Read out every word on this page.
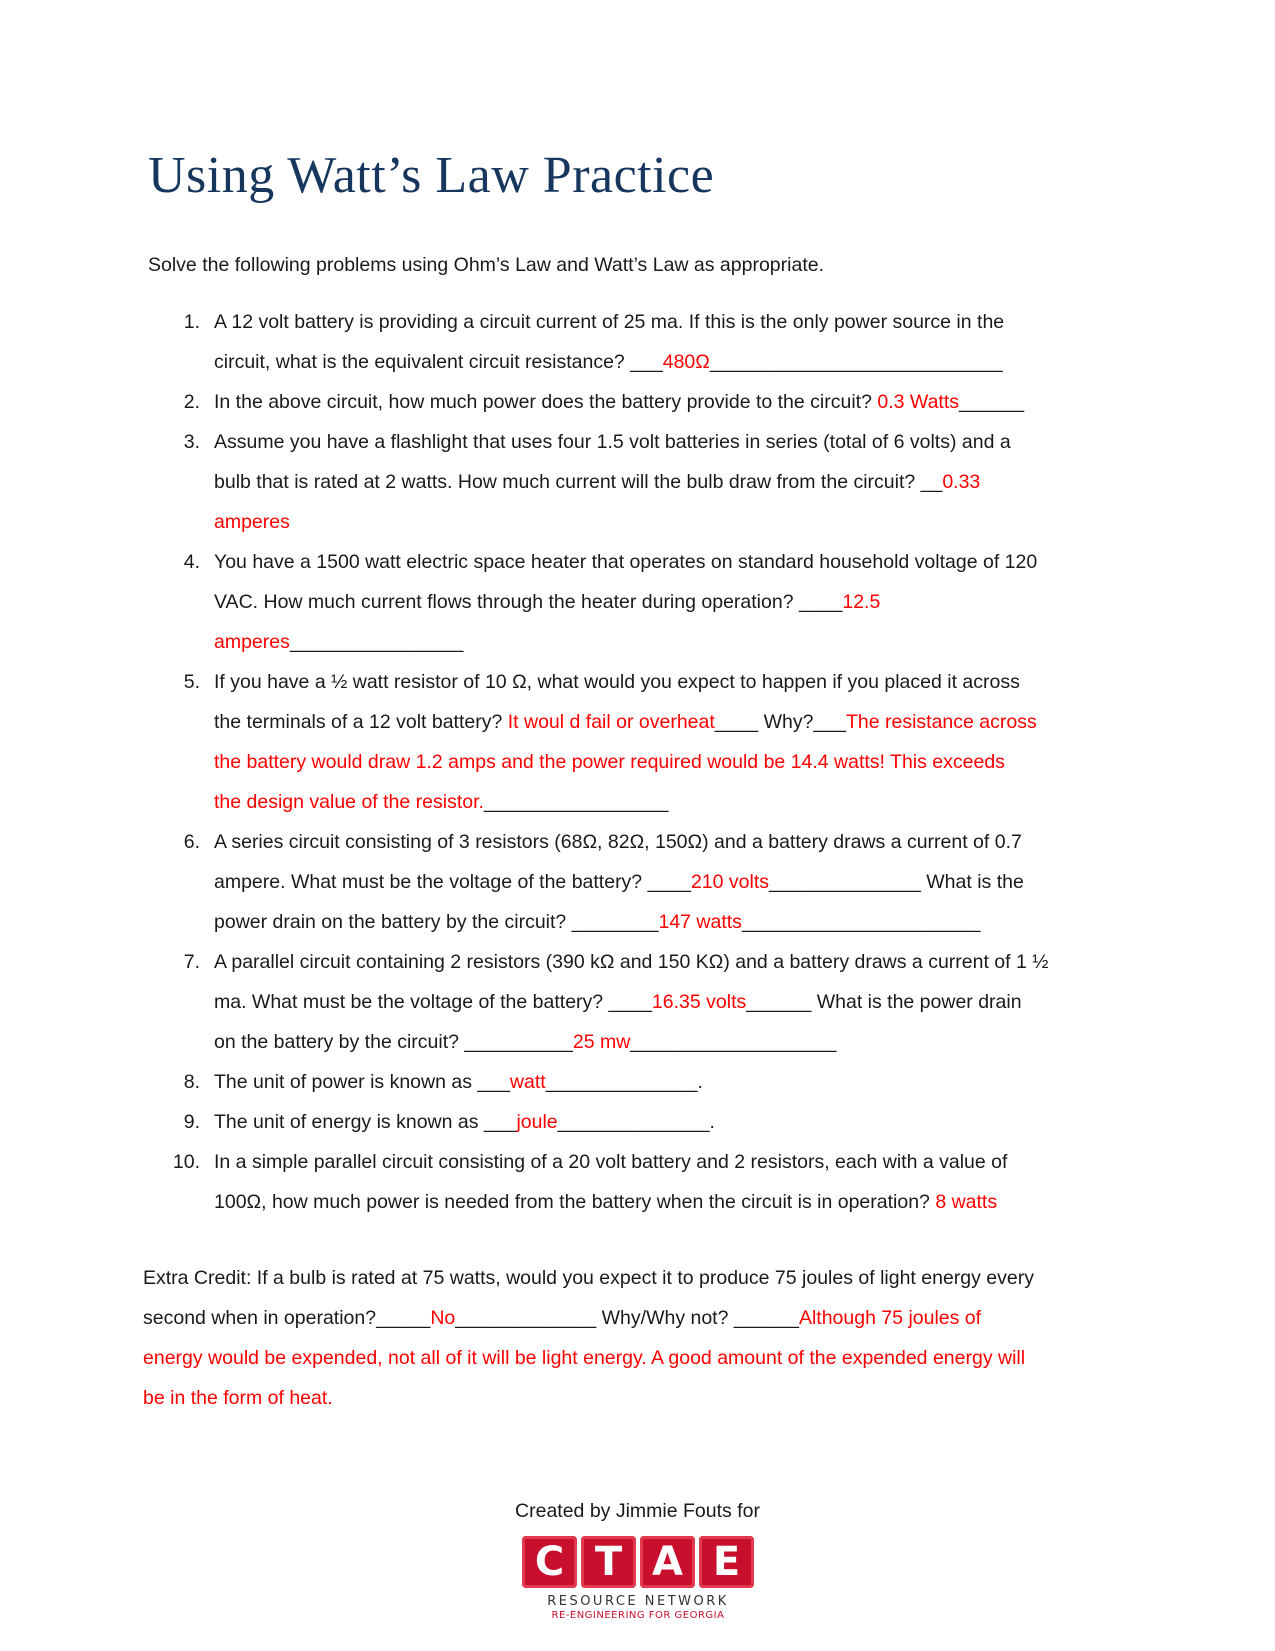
Using Watt’s Law Practice
Solve the following problems using Ohm’s Law and Watt’s Law as appropriate.
1. A 12 volt battery is providing a circuit current of 25 ma. If this is the only power source in the
circuit, what is the equivalent circuit resistance? ___480Ω___________________________
2. In the above circuit, how much power does the battery provide to the circuit? 0.3 Watts______
3. Assume you have a flashlight that uses four 1.5 volt batteries in series (total of 6 volts) and a
bulb that is rated at 2 watts. How much current will the bulb draw from the circuit? __0.33
amperes
4. You have a 1500 watt electric space heater that operates on standard household voltage of 120
VAC. How much current flows through the heater during operation? ____12.5
amperes________________
5. If you have a ½ watt resistor of 10 Ω, what would you expect to happen if you placed it across
the terminals of a 12 volt battery? It woul d fail or overheat____ Why?___The resistance across
the battery would draw 1.2 amps and the power required would be 14.4 watts! This exceeds
the design value of the resistor._________________
6. A series circuit consisting of 3 resistors (68Ω, 82Ω, 150Ω) and a battery draws a current of 0.7
ampere. What must be the voltage of the battery? ____210 volts______________ What is the
power drain on the battery by the circuit? ________147 watts______________________
7. A parallel circuit containing 2 resistors (390 kΩ and 150 KΩ) and a battery draws a current of 1 ½
ma. What must be the voltage of the battery? ____16.35 volts______ What is the power drain
on the battery by the circuit? __________25 mw___________________
8. The unit of power is known as ___watt______________.
9. The unit of energy is known as ___joule______________.
10. In a simple parallel circuit consisting of a 20 volt battery and 2 resistors, each with a value of
100Ω, how much power is needed from the battery when the circuit is in operation? 8 watts
Extra Credit: If a bulb is rated at 75 watts, would you expect it to produce 75 joules of light energy every
second when in operation?_____No_____________ Why/Why not? ______Although 75 joules of
energy would be expended, not all of it will be light energy. A good amount of the expended energy will
be in the form of heat.
Created by Jimmie Fouts for
C T A E
RESOURCE NETWORK
RE-ENGINEERING FOR GEORGIA
